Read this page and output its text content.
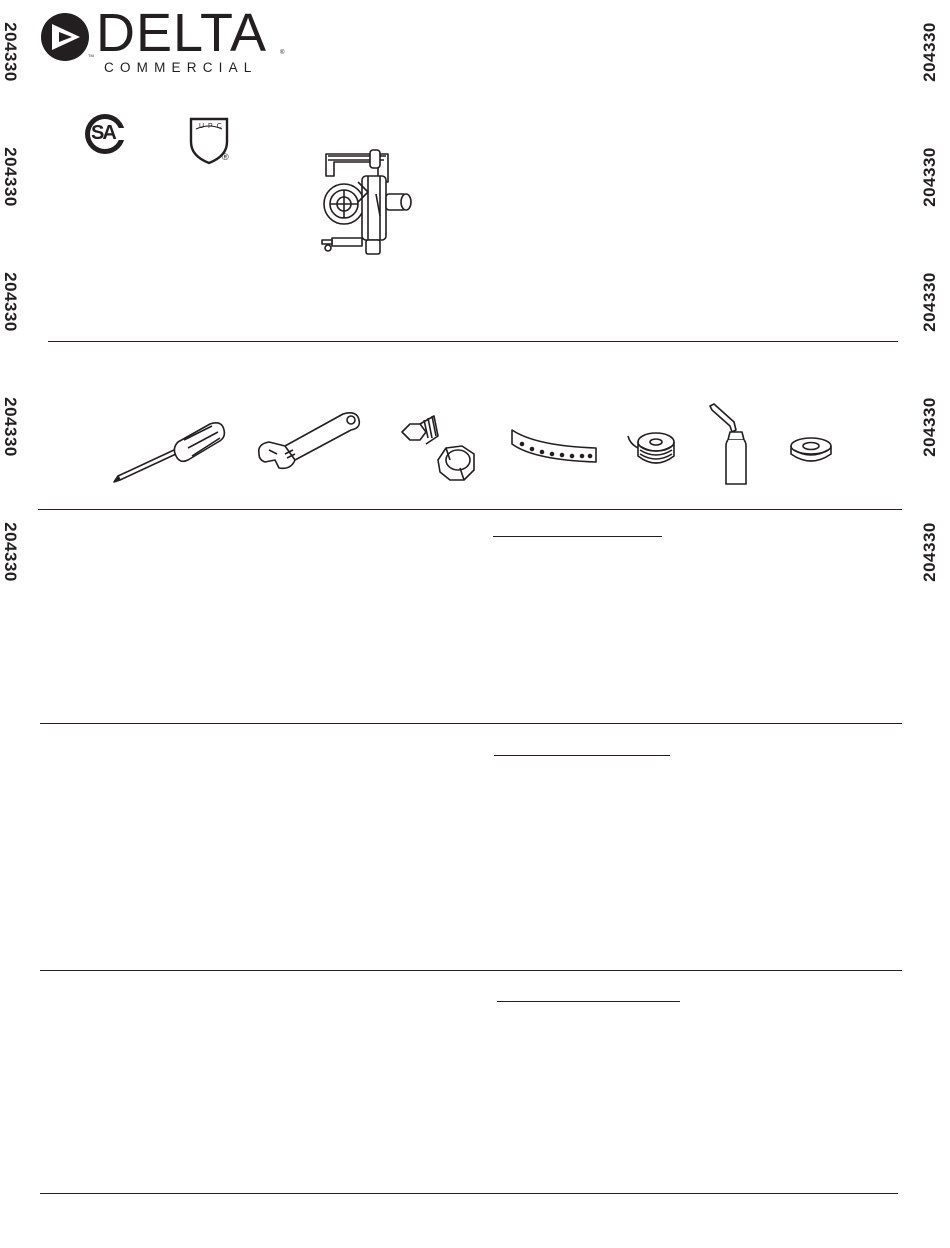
204330
204330
204330
204330
204330
204330
204330
204330
204330
204330
TM DELTA ®
COMMERCIAL
SA	UPC
®
